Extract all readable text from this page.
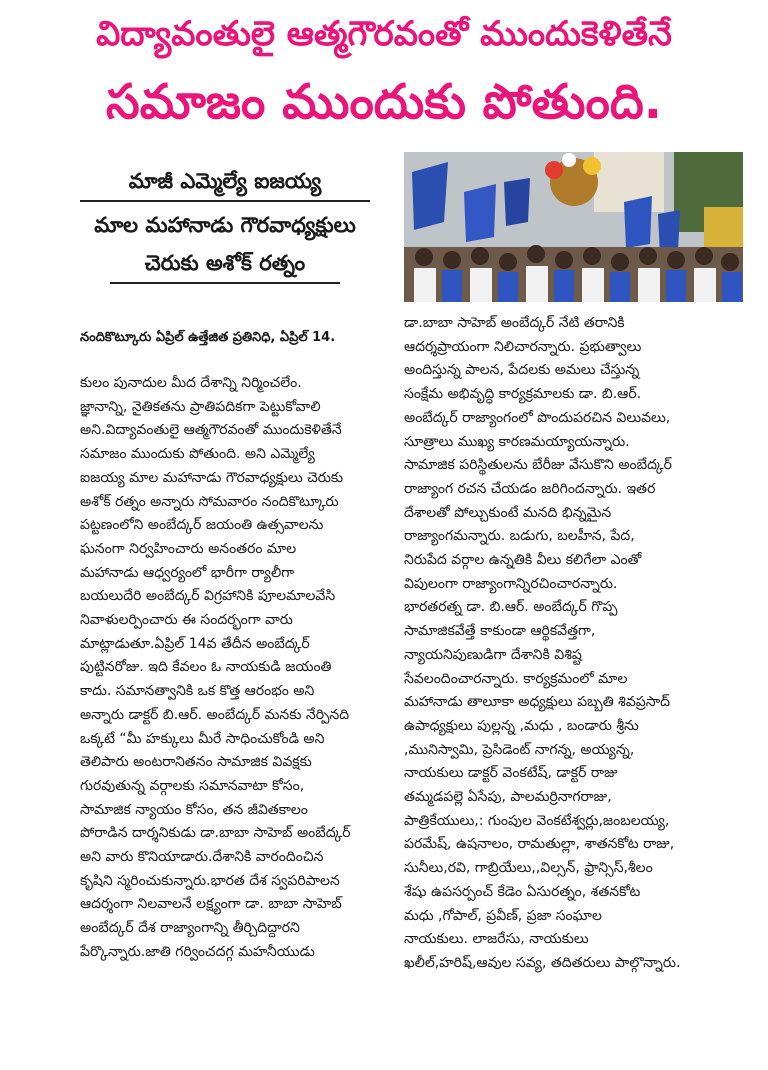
విద్యావంతులై ఆత్మగౌరవంతో ముందుకెళితేనే
సమాజం ముందుకు పోతుంది.
మాజీ ఎమ్మెల్యే ఐజయ్య
మాల మహానాడు గౌరవాధ్యక్షులు
చెరుకు అశోక్ రత్నం
నందికొట్కూరు ఏప్రిల్ ఉత్తేజిత ప్రతినిధి, ఏప్రిల్ 14.
కులం పునాదుల మీద దేశాన్ని నిర్మించలేం.
జ్ఞానాన్ని, నైతికతను ప్రాతిపదికగా పెట్టుకోవాలి
అని.విద్యావంతులై ఆత్మగౌరవంతో ముందుకెళితేనే
సమాజం ముందుకు పోతుంది. అని ఎమ్మెల్యే
ఐజయ్య మాల మహానాడు గౌరవాధ్యక్షులు చెరుకు
అశోక్ రత్నం అన్నారు సోమవారం నందికొట్కూరు
పట్టణంలోని అంబేద్కర్ జయంతి ఉత్సవాలను
ఘనంగా నిర్వహించారు అనంతరం మాల
మహానాడు ఆధ్వర్యంలో భారీగా ర్యాలీగా
బయలుదేరి అంబేద్కర్ విగ్రహానికి పూలమాలవేసి
నివాళులర్పించారు ఈ సందర్భంగా వారు
మాట్లాడుతూ.ఏప్రిల్ 14వ తేదీన అంబేద్కర్
పుట్టినరోజు. ఇది కేవలం ఓ నాయకుడి జయంతి
కాదు. సమానత్వానికి ఒక కొత్త ఆరంభం అని
అన్నారు డాక్టర్ బి.ఆర్. అంబేద్కర్ మనకు నేర్పినది
ఒక్కటే “మీ హక్కులు మీరే సాధించుకోండి అని
తెలిపారు అంటరానితనం సామాజిక వివక్షకు
గురవుతున్న వర్గాలకు సమానవాటా కోసం,
సామాజిక న్యాయం కోసం, తన జీవితకాలం
పోరాడిన దార్శనికుడు డా.బాబా సాహెబ్ అంబేద్కర్
అని వారు కొనియాడారు.దేశానికి వారందించిన
కృషిని స్మరించుకున్నారు.భారత దేశ స్వపరిపాలన
ఆదర్శంగా నిలవాలనే లక్ష్యంగా డా. బాబా సాహెబ్
అంబేద్కర్ దేశ రాజ్యాంగాన్ని తీర్చిదిద్దారని
పేర్కొన్నారు.జాతి గర్వించదగ్గ మహనీయుడు
డా.బాబా సాహెబ్ అంబేద్కర్ నేటి తరానికి
ఆదర్శప్రాయంగా నిలిచారన్నారు. ప్రభుత్వాలు
అందిస్తున్న పాలన, పేదలకు అమలు చేస్తున్న
సంక్షేమ అభివృద్ధి కార్యక్రమాలకు డా. బి.ఆర్.
అంబేద్కర్ రాజ్యాంగంలో పొందుపరచిన విలువలు,
సూత్రాలు ముఖ్య కారణమయ్యాయన్నారు.
సామాజిక పరిస్థితులను బేరీజు వేసుకొని అంబేద్కర్
రాజ్యాంగ రచన చేయడం జరిగిందన్నారు. ఇతర
దేశాలతో పోల్చుకుంటే మనది భిన్నమైన
రాజ్యాంగమన్నారు. బడుగు, బలహీన, పేద,
నిరుపేద వర్గాల ఉన్నతికి వీలు కలిగేలా ఎంతో
విపులంగా రాజ్యాంగాన్నిరచించారన్నారు.
భారతరత్న డా. బి.ఆర్. అంబేద్కర్ గొప్ప
సామాజికవేత్తే కాకుండా ఆర్థికవేత్తగా,
న్యాయనిపుణుడిగా దేశానికి విశిష్ట
సేవలందించారన్నారు. కార్యక్రమంలో మాల
మహానాడు తాలూకా అధ్యక్షులు పబ్బతి శివప్రసాద్
ఉపాధ్యక్షులు పుల్లన్న ,మధు , బండారు శ్రీను
,మునిస్వామి, ప్రెసిడెంట్ నాగన్న, అయ్యన్న,
నాయకులు డాక్టర్ వెంకటేష్, డాక్టర్ రాజు
తమ్మడపల్లె ఏసేపు, పాలమర్రినాగరాజు,
పాత్రికేయులు,: గుంపుల వెంకటేశ్వర్లు,జంబలయ్య,
పరమేష్, ఉషనాలం, రామతుల్లా, శాతనకోట రాజు,
సునీలు,రవి, గాబ్రియేలు,,విల్సన్, ఫ్రాన్సిస్,శీలం
శేషు ఉపసర్పంచ్ కేడెం ఏసురత్నం, శతనకోట
మధు ,గోపాల్, ప్రవీణ్, ప్రజా సంఘాల
నాయకులు. లాజరేసు, నాయకులు
ఖలీల్,హరిష్,ఆవుల సవ్య, తదితరులు పాల్గొన్నారు.
